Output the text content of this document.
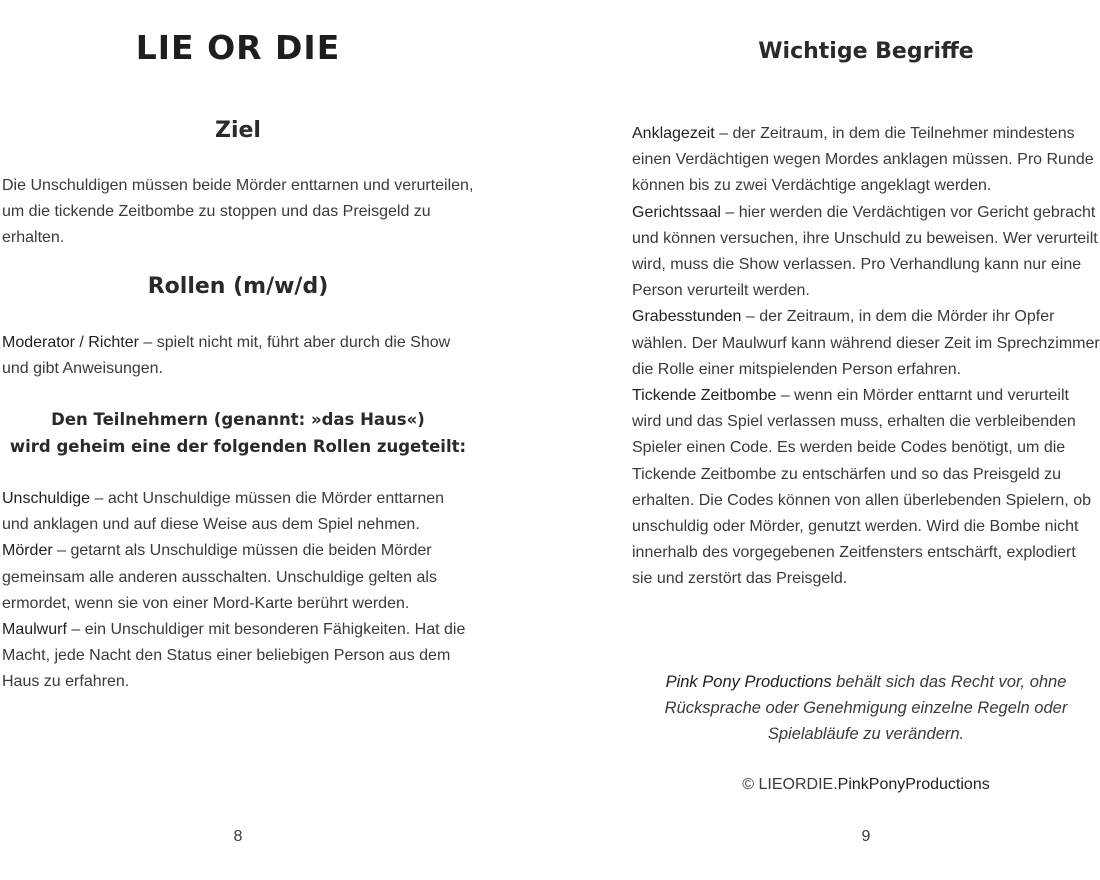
LIE OR DIE
Ziel

Die Unschuldigen müssen beide Mörder enttarnen und verurteilen, um die tickende Zeitbombe zu stoppen und das Preisgeld zu erhalten.

Rollen (m/w/d)

Moderator / Richter – spielt nicht mit, führt aber durch die Show und gibt Anweisungen.

Den Teilnehmern (genannt: »das Haus«)

wird geheim eine der folgenden Rollen zugeteilt:

Unschuldige – acht Unschuldige müssen die Mörder enttarnen und anklagen und auf diese Weise aus dem Spiel nehmen.
Mörder – getarnt als Unschuldige müssen die beiden Mörder gemeinsam alle anderen ausschalten. Unschuldige gelten als ermordet, wenn sie von einer Mord-Karte berührt werden.
Maulwurf – ein Unschuldiger mit besonderen Fähigkeiten. Hat die Macht, jede Nacht den Status einer beliebigen Person aus dem Haus zu erfahren.

8

Wichtige Begriffe
Anklagezeit – der Zeitraum, in dem die Teilnehmer mindestens einen Verdächtigen wegen Mordes anklagen müssen. Pro Runde können bis zu zwei Verdächtige angeklagt werden.
Gerichtssaal – hier werden die Verdächtigen vor Gericht gebracht und können versuchen, ihre Unschuld zu beweisen. Wer verurteilt wird, muss die Show verlassen. Pro Verhandlung kann nur eine Person verurteilt werden.
Grabesstunden – der Zeitraum, in dem die Mörder ihr Opfer wählen. Der Maulwurf kann während dieser Zeit im Sprechzimmer die Rolle einer mitspielenden Person erfahren.
Tickende Zeitbombe – wenn ein Mörder enttarnt und verurteilt wird und das Spiel verlassen muss, erhalten die verbleibenden Spieler einen Code. Es werden beide Codes benötigt, um die Tickende Zeitbombe zu entschärfen und so das Preisgeld zu erhalten. Die Codes können von allen überlebenden Spielern, ob unschuldig oder Mörder, genutzt werden. Wird die Bombe nicht innerhalb des vorgegebenen Zeitfensters entschärft, explodiert sie und zerstört das Preisgeld.

Pink Pony Productions behält sich das Recht vor, ohne Rücksprache oder Genehmigung einzelne Regeln oder Spielabläufe zu verändern.

© LIEORDIE.PinkPonyProductions

9
